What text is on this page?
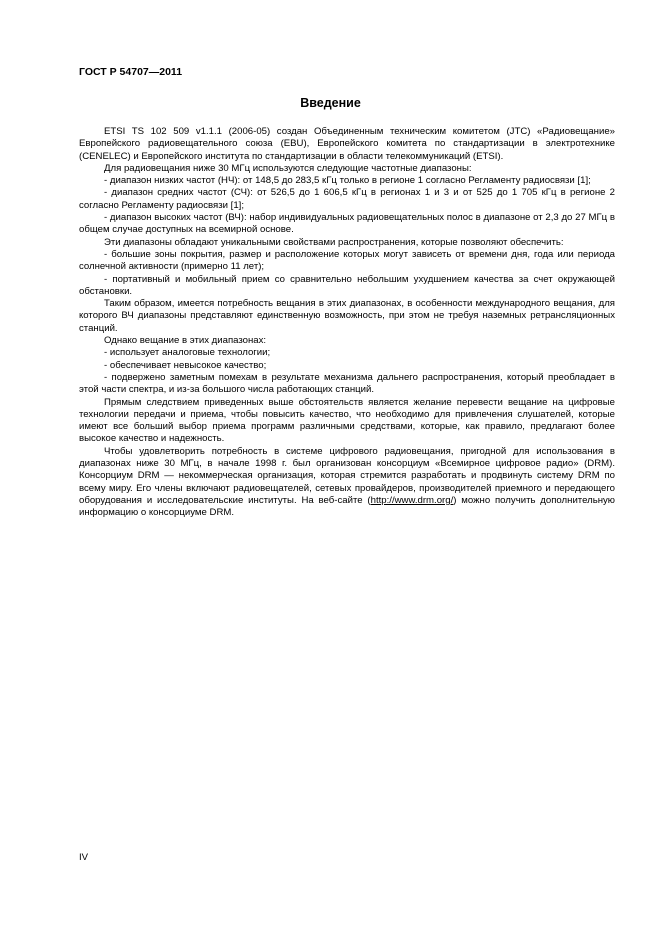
ГОСТ Р 54707—2011
Введение

ETSI TS 102 509 v1.1.1 (2006-05) создан Объединенным техническим комитетом (JTC) «Радиовещание» Европейского радиовещательного союза (EBU), Европейского комитета по стандартизации в электротехнике (CENELEC) и Европейского института по стандартизации в области телекоммуникаций (ETSI).

Для радиовещания ниже 30 МГц используются следующие частотные диапазоны:

- диапазон низких частот (НЧ): от 148,5 до 283,5 кГц только в регионе 1 согласно Регламенту радиосвязи [1];

- диапазон средних частот (СЧ): от 526,5 до 1 606,5 кГц в регионах 1 и 3 и от 525 до 1 705 кГц в регионе 2 согласно Регламенту радиосвязи [1];

- диапазон высоких частот (ВЧ): набор индивидуальных радиовещательных полос в диапазоне от 2,3 до 27 МГц в общем случае доступных на всемирной основе.

Эти диапазоны обладают уникальными свойствами распространения, которые позволяют обеспечить:

- большие зоны покрытия, размер и расположение которых могут зависеть от времени дня, года или периода солнечной активности (примерно 11 лет);

- портативный и мобильный прием со сравнительно небольшим ухудшением качества за счет окружающей обстановки.

Таким образом, имеется потребность вещания в этих диапазонах, в особенности международного вещания, для которого ВЧ диапазоны представляют единственную возможность, при этом не требуя наземных ретрансляционных станций.

Однако вещание в этих диапазонах:

- использует аналоговые технологии;

- обеспечивает невысокое качество;

- подвержено заметным помехам в результате механизма дальнего распространения, который преобладает в этой части спектра, и из-за большого числа работающих станций.

Прямым следствием приведенных выше обстоятельств является желание перевести вещание на цифровые технологии передачи и приема, чтобы повысить качество, что необходимо для привлечения слушателей, которые имеют все больший выбор приема программ различными средствами, которые, как правило, предлагают более высокое качество и надежность.

Чтобы удовлетворить потребность в системе цифрового радиовещания, пригодной для использования в диапазонах ниже 30 МГц, в начале 1998 г. был организован консорциум «Всемирное цифровое радио» (DRM). Консорциум DRM — некоммерческая организация, которая стремится разработать и продвинуть систему DRM по всему миру. Его члены включают радиовещателей, сетевых провайдеров, производителей приемного и передающего оборудования и исследовательские институты. На веб-сайте (http://www.drm.org/) можно получить дополнительную информацию о консорциуме DRM.

IV
